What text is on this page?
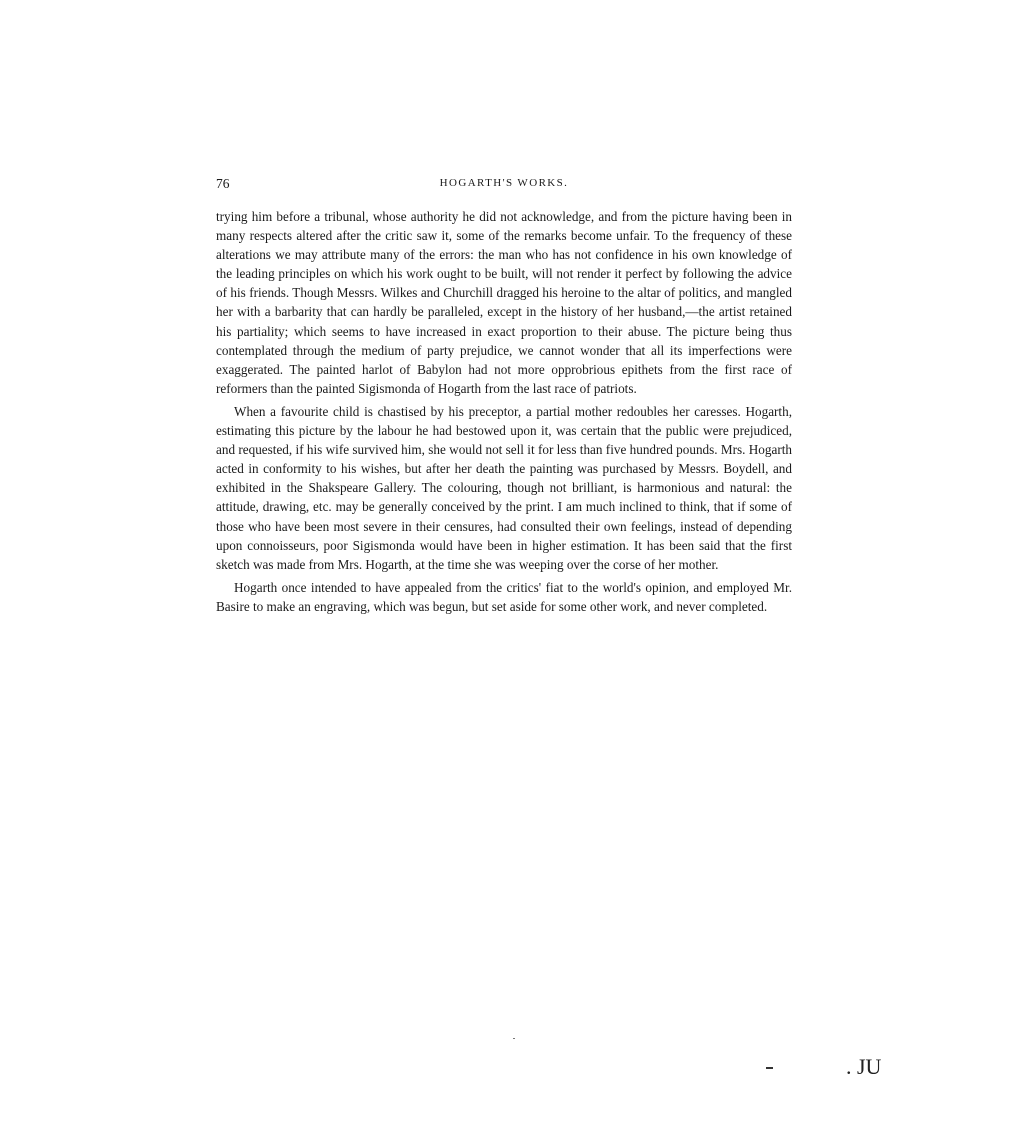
76	HOGARTH'S WORKS.

trying him before a tribunal, whose authority he did not acknowledge, and from the picture having been in many respects altered after the critic saw it, some of the remarks become unfair. To the frequency of these alterations we may attribute many of the errors: the man who has not confidence in his own knowledge of the leading principles on which his work ought to be built, will not render it perfect by following the advice of his friends. Though Messrs. Wilkes and Churchill dragged his heroine to the altar of politics, and mangled her with a barbarity that can hardly be paralleled, except in the history of her husband,—the artist retained his partiality; which seems to have increased in exact proportion to their abuse. The picture being thus contemplated through the medium of party prejudice, we cannot wonder that all its imperfections were exaggerated. The painted harlot of Babylon had not more opprobrious epithets from the first race of reformers than the painted Sigismonda of Hogarth from the last race of patriots.

When a favourite child is chastised by his preceptor, a partial mother redoubles her caresses. Hogarth, estimating this picture by the labour he had bestowed upon it, was certain that the public were prejudiced, and requested, if his wife survived him, she would not sell it for less than five hundred pounds. Mrs. Hogarth acted in conformity to his wishes, but after her death the painting was purchased by Messrs. Boydell, and exhibited in the Shakspeare Gallery. The colouring, though not brilliant, is harmonious and natural: the attitude, drawing, etc. may be generally conceived by the print. I am much inclined to think, that if some of those who have been most severe in their censures, had consulted their own feelings, instead of depending upon connoisseurs, poor Sigismonda would have been in higher estimation. It has been said that the first sketch was made from Mrs. Hogarth, at the time she was weeping over the corse of her mother.

Hogarth once intended to have appealed from the critics' fiat to the world's opinion, and employed Mr. Basire to make an engraving, which was begun, but set aside for some other work, and never completed.

. JU
